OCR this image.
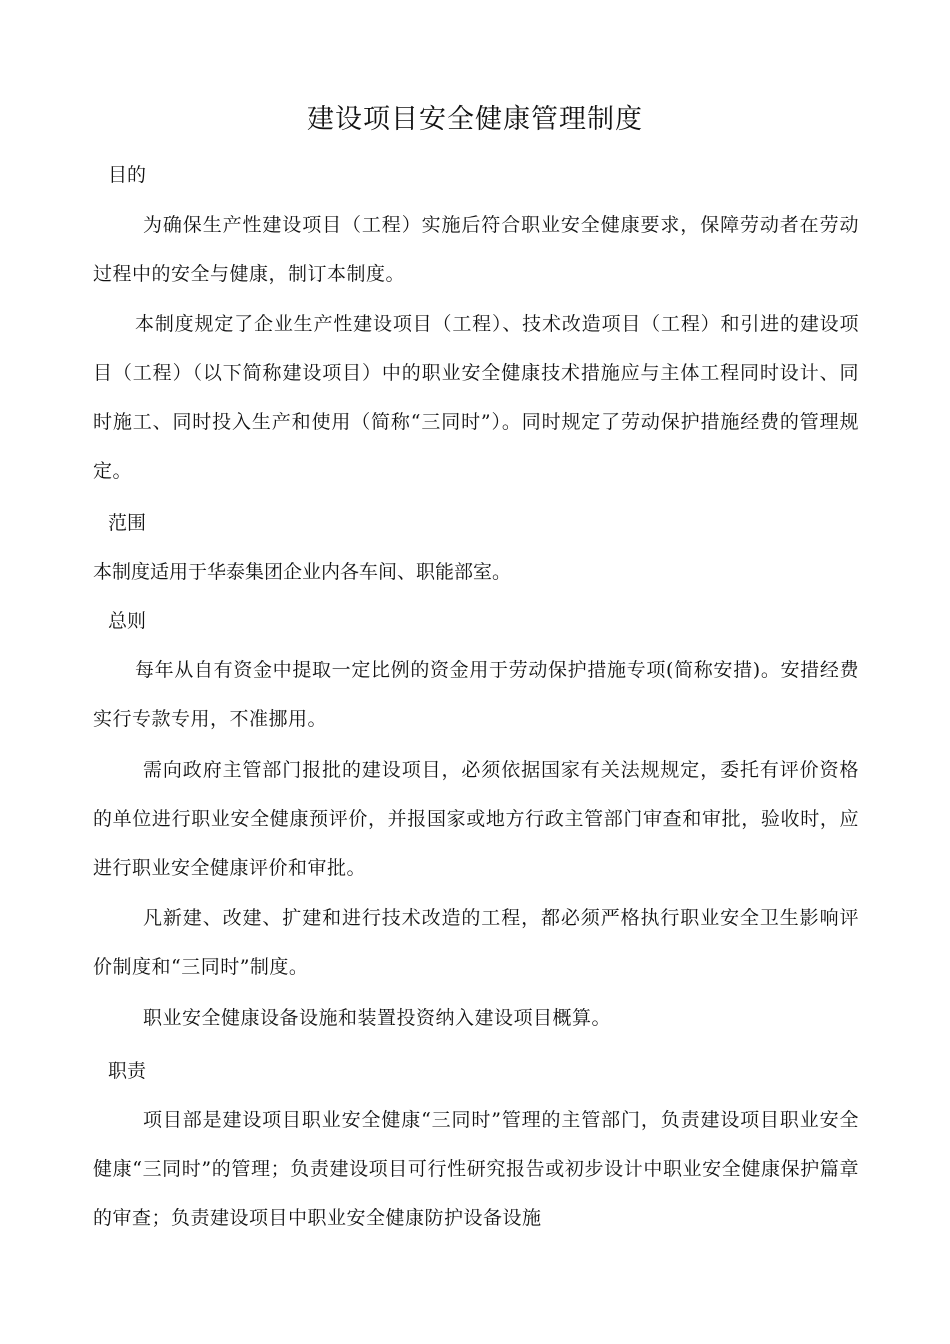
建设项目安全健康管理制度
目的

为确保生产性建设项目（工程）实施后符合职业安全健康要求，保障劳动者在劳动过程中的安全与健康，制订本制度。

本制度规定了企业生产性建设项目（工程）、技术改造项目（工程）和引进的建设项目（工程）（以下简称建设项目）中的职业安全健康技术措施应与主体工程同时设计、同时施工、同时投入生产和使用（简称“三同时”）。同时规定了劳动保护措施经费的管理规定。

范围
本制度适用于华泰集团企业内各车间、职能部室。
总则

每年从自有资金中提取一定比例的资金用于劳动保护措施专项(简称安措)。安措经费实行专款专用，不准挪用。

需向政府主管部门报批的建设项目，必须依据国家有关法规规定，委托有评价资格的单位进行职业安全健康预评价，并报国家或地方行政主管部门审查和审批，验收时，应进行职业安全健康评价和审批。

凡新建、改建、扩建和进行技术改造的工程，都必须严格执行职业安全卫生影响评价制度和“三同时”制度。

职业安全健康设备设施和装置投资纳入建设项目概算。

职责

项目部是建设项目职业安全健康“三同时”管理的主管部门，负责建设项目职业安全健康“三同时”的管理；负责建设项目可行性研究报告或初步设计中职业安全健康保护篇章的审查；负责建设项目中职业安全健康防护设备设施
